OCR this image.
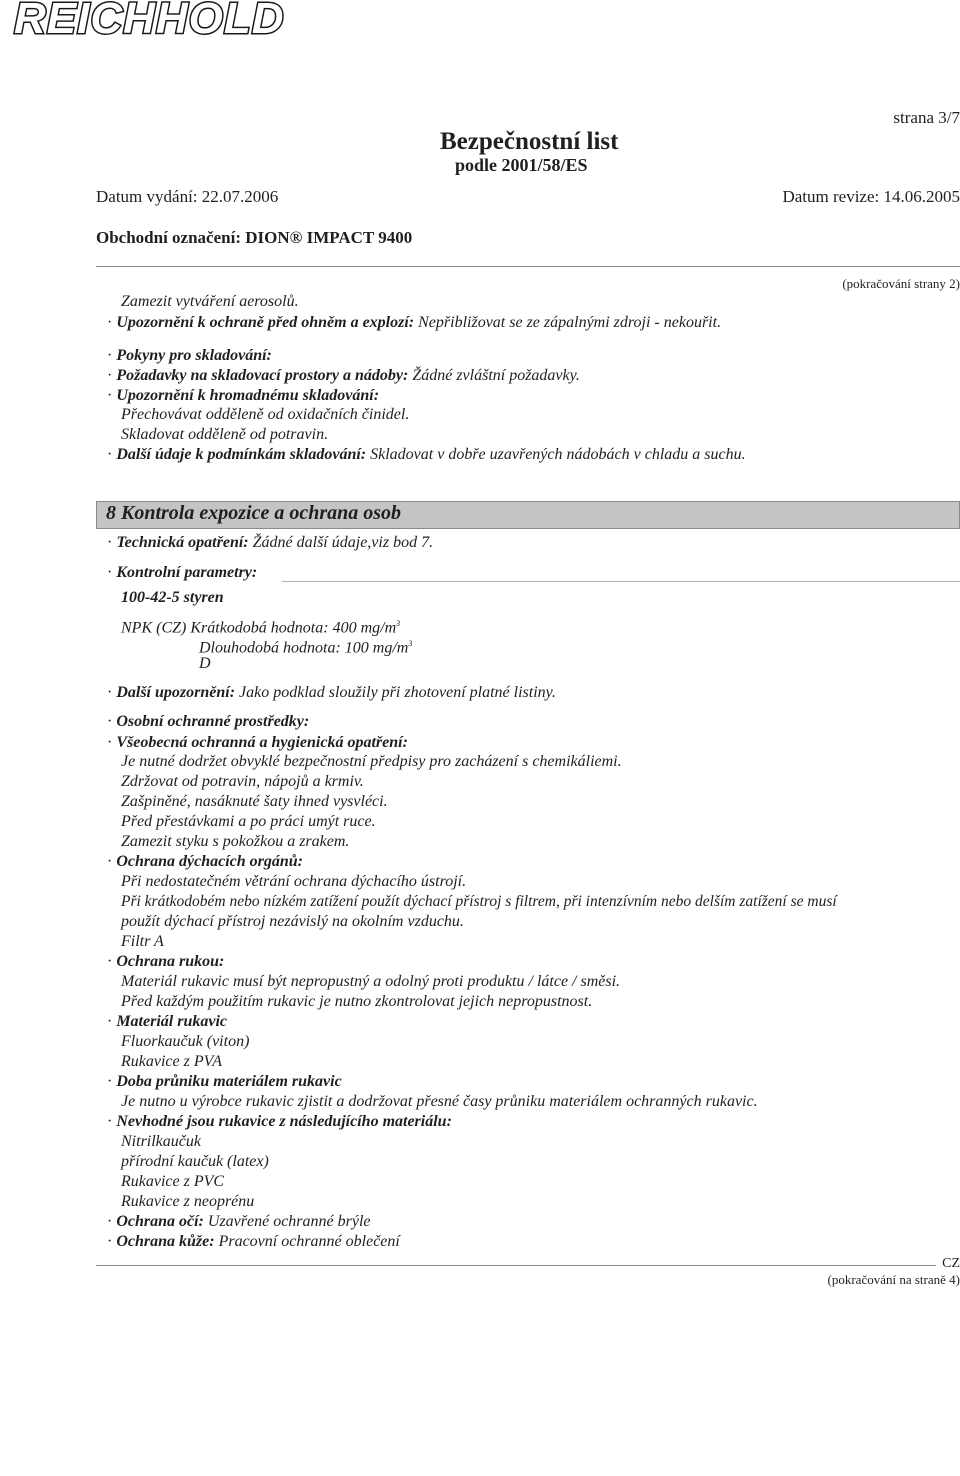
REICHHOLD
strana 3/7
Bezpečnostní list
podle 2001/58/ES
Datum vydání: 22.07.2006	Datum revize: 14.06.2005
Obchodní označení: DION® IMPACT 9400
(pokračování strany 2)
Zamezit vytváření aerosolů.
· Upozornění k ochraně před ohněm a explozí: Nepřibližovat se ze zápalnými zdroji - nekouřit.
· Pokyny pro skladování:
· Požadavky na skladovací prostory a nádoby: Žádné zvláštní požadavky.
· Upozornění k hromadnému skladování:
Přechovávat odděleně od oxidačních činidel.
Skladovat odděleně od potravin.
· Další údaje k podmínkám skladování: Skladovat v dobře uzavřených nádobách v chladu a suchu.
8 Kontrola expozice a ochrana osob
· Technická opatření: Žádné další údaje,viz bod 7.
· Kontrolní parametry:
100-42-5 styren
NPK (CZ) Krátkodobá hodnota: 400 $mg/m^3$
Dlouhodobá hodnota: 100 $mg/m^3$
D
· Další upozornění: Jako podklad sloužily při zhotovení platné listiny.
· Osobní ochranné prostředky:
· Všeobecná ochranná a hygienická opatření:
Je nutné dodržet obvyklé bezpečnostní předpisy pro zacházení s chemikáliemi.
Zdržovat od potravin, nápojů a krmiv.
Zašpiněné, nasáknuté šaty ihned vysvléci.
Před přestávkami a po práci umýt ruce.
Zamezit styku s pokožkou a zrakem.
· Ochrana dýchacích orgánů:
Při nedostatečném větrání ochrana dýchacího ústrojí.
Při krátkodobém nebo nízkém zatížení použít dýchací přístroj s filtrem, při intenzívním nebo delším zatížení se musí
použít dýchací přístroj nezávislý na okolním vzduchu.
Filtr A
· Ochrana rukou:
Materiál rukavic musí být nepropustný a odolný proti produktu / látce / směsi.
Před každým použitím rukavic je nutno zkontrolovat jejich nepropustnost.
· Materiál rukavic
Fluorkaučuk (viton)
Rukavice z PVA
· Doba průniku materiálem rukavic
Je nutno u výrobce rukavic zjistit a dodržovat přesné časy průniku materiálem ochranných rukavic.
· Nevhodné jsou rukavice z následujícího materiálu:
Nitrilkaučuk
přírodní kaučuk (latex)
Rukavice z PVC
Rukavice z neoprénu
· Ochrana očí: Uzavřené ochranné brýle
· Ochrana kůže: Pracovní ochranné oblečení
CZ
(pokračování na straně 4)
